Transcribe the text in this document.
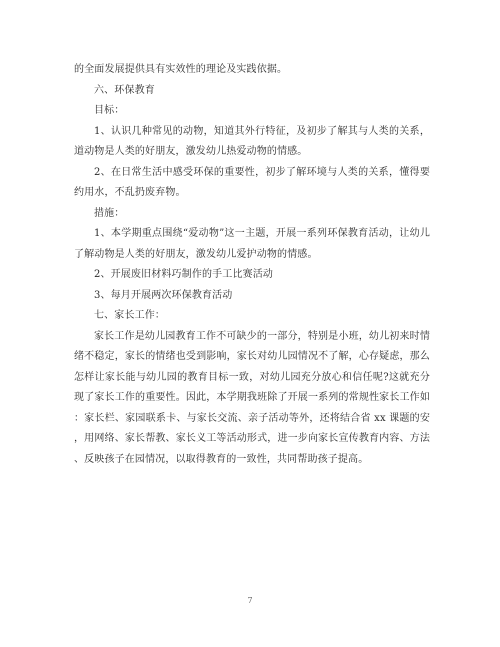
的全面发展提供具有实效性的理论及实践依据。
六、环保教育
目标：
1、认识几种常见的动物，知道其外行特征，及初步了解其与人类的关系，
道动物是人类的好朋友，激发幼儿热爱动物的情感。
2、在日常生活中感受环保的重要性，初步了解环境与人类的关系，懂得要
约用水，不乱扔废弃物。
措施：
1、本学期重点围绕“爱动物”这一主题，开展一系列环保教育活动，让幼儿
了解动物是人类的好朋友，激发幼儿爱护动物的情感。
2、开展废旧材料巧制作的手工比赛活动
3、每月开展两次环保教育活动
七、家长工作：
家长工作是幼儿园教育工作不可缺少的一部分，特别是小班，幼儿初来时情
绪不稳定，家长的情绪也受到影响，家长对幼儿园情况不了解，心存疑虑，那么
怎样让家长能与幼儿园的教育目标一致，对幼儿园充分放心和信任呢?这就充分
现了家长工作的重要性。因此，本学期我班除了开展一系列的常规性家长工作如
：家长栏、家园联系卡、与家长交流、亲子活动等外，还将结合省 xx 课题的安
，用网络、家长帮教、家长义工等活动形式，进一步向家长宣传教育内容、方法
、反映孩子在园情况，以取得教育的一致性，共同帮助孩子提高。
7
